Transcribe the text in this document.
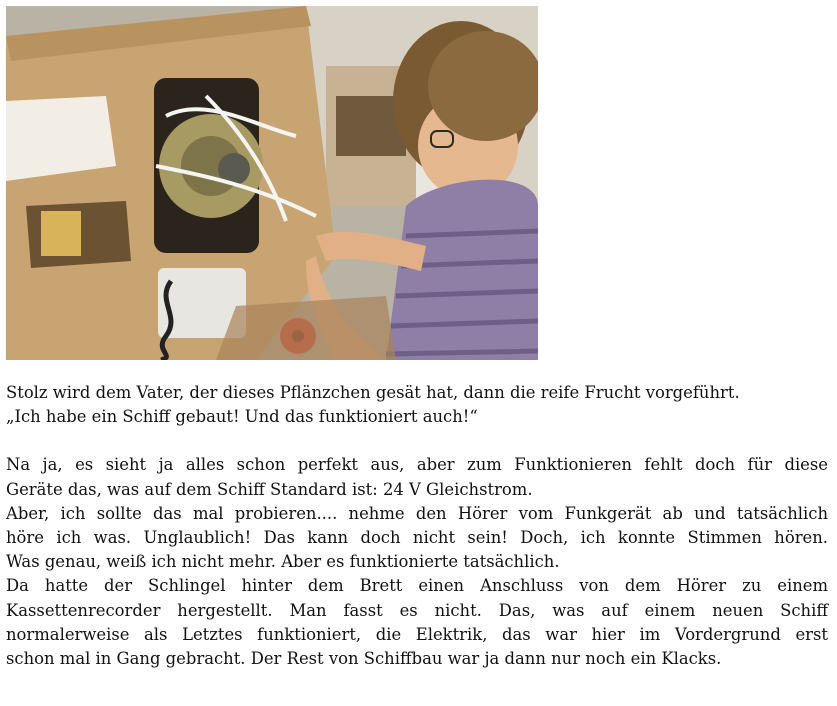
Stolz wird dem Vater, der dieses Pflänzchen gesät hat, dann die reife Frucht vorgeführt.
„Ich habe ein Schiff gebaut! Und das funktioniert auch!“
Na ja, es sieht ja alles schon perfekt aus, aber zum Funktionieren fehlt doch für diese
Geräte das, was auf dem Schiff Standard ist: 24 V Gleichstrom.
Aber, ich sollte das mal probieren.... nehme den Hörer vom Funkgerät ab und tatsächlich
höre ich was. Unglaublich! Das kann doch nicht sein! Doch, ich konnte Stimmen hören.
Was genau, weiß ich nicht mehr. Aber es funktionierte tatsächlich.
Da hatte der Schlingel hinter dem Brett einen Anschluss von dem Hörer zu einem
Kassettenrecorder hergestellt. Man fasst es nicht. Das, was auf einem neuen Schiff
normalerweise als Letztes funktioniert, die Elektrik, das war hier im Vordergrund erst
schon mal in Gang gebracht. Der Rest von Schiffbau war ja dann nur noch ein Klacks.
